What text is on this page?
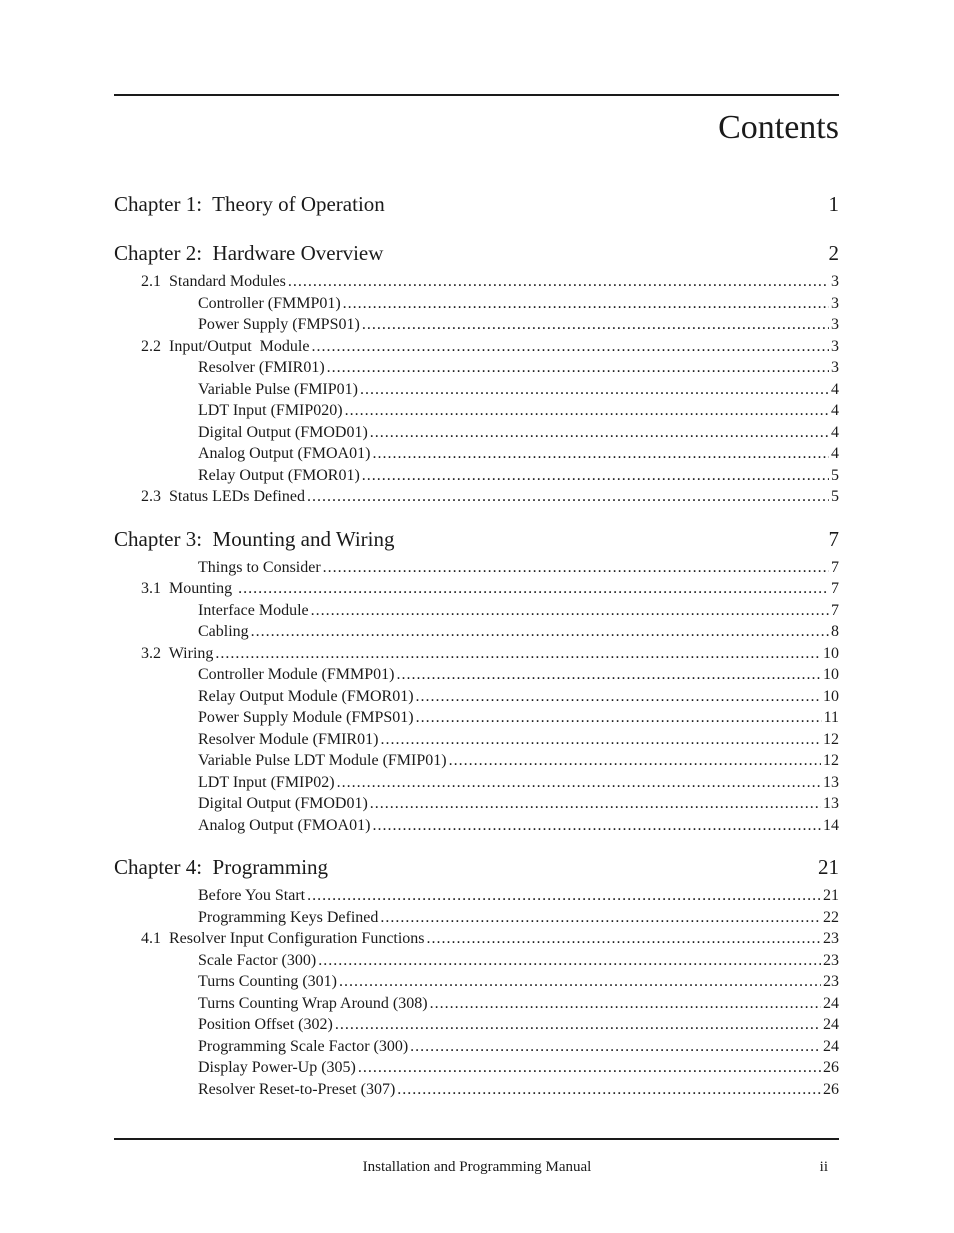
Contents
Chapter 1:  Theory of Operation	1
Chapter 2:  Hardware Overview	2
2.1  Standard Modules . . .	3
Controller (FMMP01) . . .	3
Power Supply (FMPS01) . . .	3
2.2  Input/Output  Module . . .	3
Resolver (FMIR01) . . .	3
Variable Pulse (FMIP01) . . .	4
LDT Input (FMIP020) . . .	4
Digital Output (FMOD01) . . .	4
Analog Output (FMOA01) . . .	4
Relay Output (FMOR01) . . .	5
2.3  Status LEDs Defined . . .	5
Chapter 3:  Mounting and Wiring	7
Things to Consider . . .	7
3.1  Mounting . . .	7
Interface Module . . .	7
Cabling . . .	8
3.2  Wiring . . .	10
Controller Module (FMMP01) . . .	10
Relay Output Module (FMOR01) . . .	10
Power Supply Module (FMPS01) . . .	11
Resolver Module (FMIR01) . . .	12
Variable Pulse LDT Module (FMIP01) . . .	12
LDT Input (FMIP02) . . .	13
Digital Output (FMOD01) . . .	13
Analog Output (FMOA01) . . .	14
Chapter 4:  Programming	21
Before You Start . . .	21
Programming Keys Defined . . .	22
4.1  Resolver Input Configuration Functions . . .	23
Scale Factor (300) . . .	23
Turns Counting (301) . . .	23
Turns Counting Wrap Around (308) . . .	24
Position Offset (302) . . .	24
Programming Scale Factor (300) . . .	24
Display Power-Up (305) . . .	26
Resolver Reset-to-Preset (307) . . .	26
Installation and Programming Manual	ii
